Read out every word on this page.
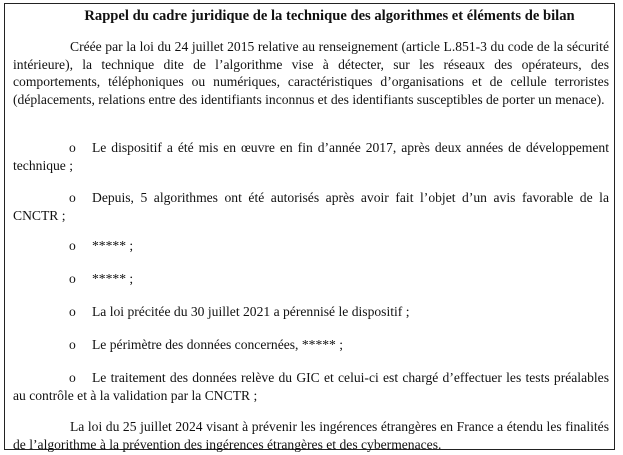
Rappel du cadre juridique de la technique des algorithmes et éléments de bilan

Créée par la loi du 24 juillet 2015 relative au renseignement (article L.851-3 du code de la sécurité intérieure), la technique dite de l’algorithme vise à détecter, sur les réseaux des opérateurs, des comportements, téléphoniques ou numériques, caractéristiques d’organisations et de cellule terroristes (déplacements, relations entre des identifiants inconnus et des identifiants susceptibles de porter un menace).

o Le dispositif a été mis en œuvre en fin d’année 2017, après deux années de développement technique ;

o Depuis, 5 algorithmes ont été autorisés après avoir fait l’objet d’un avis favorable de la CNCTR ;

o ***** ;

o ***** ;

o La loi précitée du 30 juillet 2021 a pérennisé le dispositif ;

o Le périmètre des données concernées, ***** ;

o Le traitement des données relève du GIC et celui-ci est chargé d’effectuer les tests préalables au contrôle et à la validation par la CNCTR ;

La loi du 25 juillet 2024 visant à prévenir les ingérences étrangères en France a étendu les finalités de l’algorithme à la prévention des ingérences étrangères et des cybermenaces.
